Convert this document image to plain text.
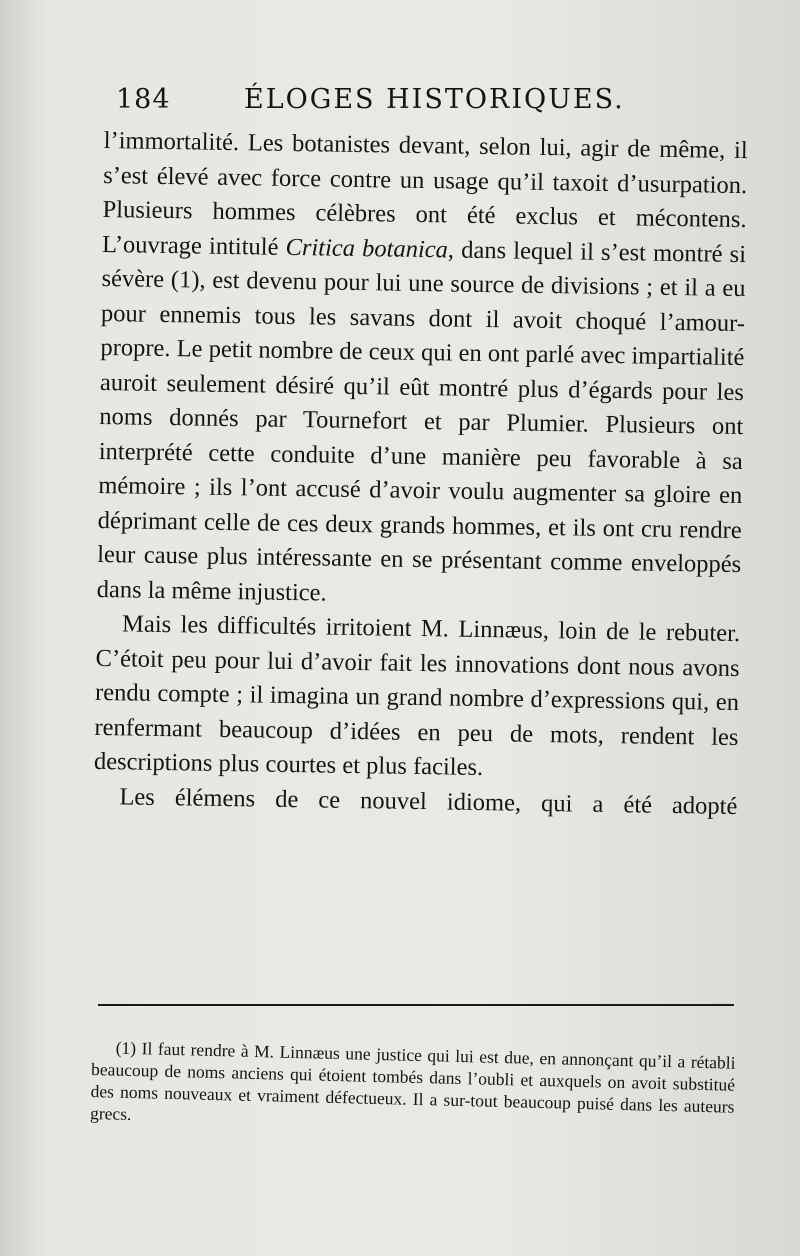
184	ÉLOGES HISTORIQUES.

l’immortalité. Les botanistes devant, selon lui, agir de même, il s’est élevé avec force contre un usage qu’il taxoit d’usurpation. Plusieurs hommes célèbres ont été exclus et mécontens. L’ouvrage intitulé Critica botanica, dans lequel il s’est montré si sévère (1), est devenu pour lui une source de divisions ; et il a eu pour ennemis tous les savans dont il avoit choqué l’amour-propre. Le petit nombre de ceux qui en ont parlé avec impartialité auroit seulement désiré qu’il eût montré plus d’égards pour les noms donnés par Tournefort et par Plumier. Plusieurs ont interprété cette conduite d’une manière peu favorable à sa mémoire ; ils l’ont accusé d’avoir voulu augmenter sa gloire en déprimant celle de ces deux grands hommes, et ils ont cru rendre leur cause plus intéressante en se présentant comme enveloppés dans la même injustice.

Mais les difficultés irritoient M. Linnæus, loin de le rebuter. C’étoit peu pour lui d’avoir fait les innovations dont nous avons rendu compte ; il imagina un grand nombre d’expressions qui, en renfermant beaucoup d’idées en peu de mots, rendent les descriptions plus courtes et plus faciles.

Les élémens de ce nouvel idiome, qui a été adopté

(1) Il faut rendre à M. Linnæus une justice qui lui est due, en annonçant qu’il a rétabli beaucoup de noms anciens qui étoient tombés dans l’oubli et auxquels on avoit substitué des noms nouveaux et vraiment défectueux. Il a sur-tout beaucoup puisé dans les auteurs grecs.
